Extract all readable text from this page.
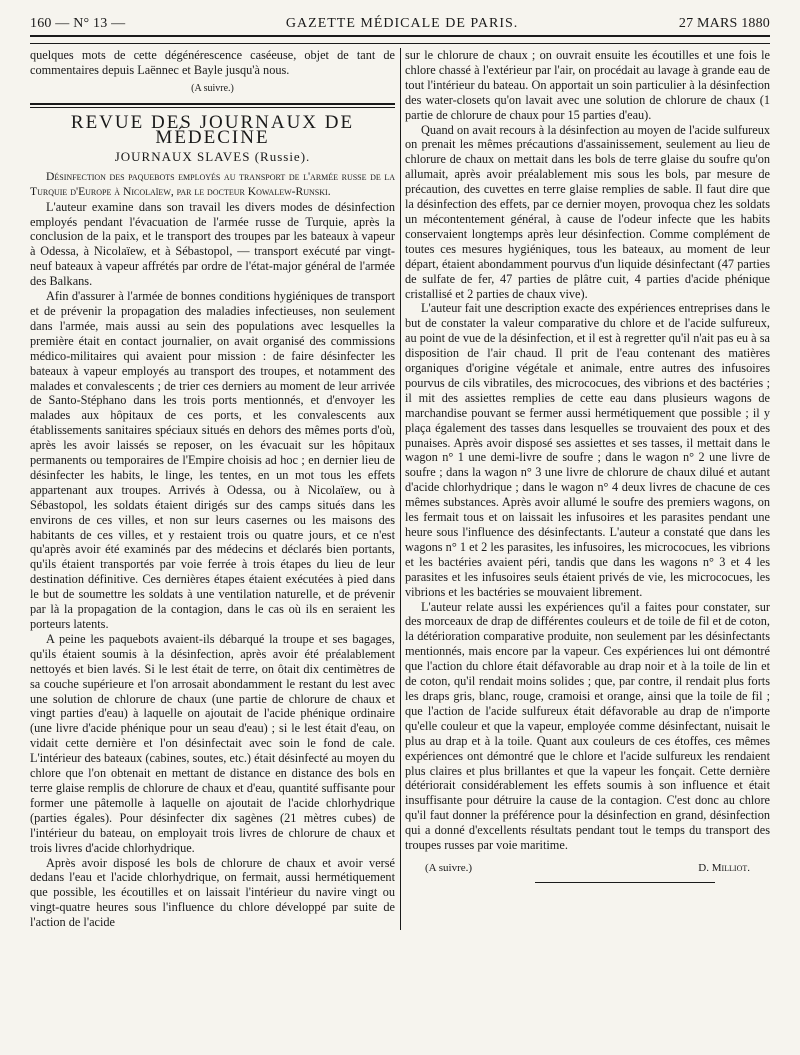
160 — N° 13 —	GAZETTE MÉDICALE DE PARIS.	27 MARS 1880

quelques mots de cette dégénérescence caséeuse, objet de tant de commentaires depuis Laënnec et Bayle jusqu'à nous.

(A suivre.)
REVUE DES JOURNAUX DE MÉDECINE
JOURNAUX SLAVES (Russie).

Désinfection des paquebots employés au transport de l'armée russe de la Turquie d'Europe à Nicolaïew, par le docteur Kowalew-Runski.

L'auteur examine dans son travail les divers modes de désinfection employés pendant l'évacuation de l'armée russe de Turquie, après la conclusion de la paix, et le transport des troupes par les bateaux à vapeur à Odessa, à Nicolaïew, et à Sébastopol, — transport exécuté par vingt-neuf bateaux à vapeur affrétés par ordre de l'état-major général de l'armée des Balkans.

Afin d'assurer à l'armée de bonnes conditions hygiéniques de transport et de prévenir la propagation des maladies infectieuses, non seulement dans l'armée, mais aussi au sein des populations avec lesquelles la première était en contact journalier, on avait organisé des commissions médico-militaires qui avaient pour mission : de faire désinfecter les bateaux à vapeur employés au transport des troupes, et notamment des malades et convalescents ; de trier ces derniers au moment de leur arrivée de Santo-Stéphano dans les trois ports mentionnés, et d'envoyer les malades aux hôpitaux de ces ports, et les convalescents aux établissements sanitaires spéciaux situés en dehors des mêmes ports d'où, après les avoir laissés se reposer, on les évacuait sur les hôpitaux permanents ou temporaires de l'Empire choisis ad hoc ; en dernier lieu de désinfecter les habits, le linge, les tentes, en un mot tous les effets appartenant aux troupes. Arrivés à Odessa, ou à Nicolaïew, ou à Sébastopol, les soldats étaient dirigés sur des camps situés dans les environs de ces villes, et non sur leurs casernes ou les maisons des habitants de ces villes, et y restaient trois ou quatre jours, et ce n'est qu'après avoir été examinés par des médecins et déclarés bien portants, qu'ils étaient transportés par voie ferrée à trois étapes du lieu de leur destination définitive. Ces dernières étapes étaient exécutées à pied dans le but de soumettre les soldats à une ventilation naturelle, et de prévenir par là la propagation de la contagion, dans le cas où ils en seraient les porteurs latents.

A peine les paquebots avaient-ils débarqué la troupe et ses bagages, qu'ils étaient soumis à la désinfection, après avoir été préalablement nettoyés et bien lavés. Si le lest était de terre, on ôtait dix centimètres de sa couche supérieure et l'on arrosait abondamment le restant du lest avec une solution de chlorure de chaux (une partie de chlorure de chaux et vingt parties d'eau) à laquelle on ajoutait de l'acide phénique ordinaire (une livre d'acide phénique pour un seau d'eau) ; si le lest était d'eau, on vidait cette dernière et l'on désinfectait avec soin le fond de cale. L'intérieur des bateaux (cabines, soutes, etc.) était désinfecté au moyen du chlore que l'on obtenait en mettant de distance en distance des bols en terre glaise remplis de chlorure de chaux et d'eau, quantité suffisante pour former une pâtemolle à laquelle on ajoutait de l'acide chlorhydrique (parties égales). Pour désinfecter dix sagènes (21 mètres cubes) de l'intérieur du bateau, on employait trois livres de chlorure de chaux et trois livres d'acide chlorhydrique.

Après avoir disposé les bols de chlorure de chaux et avoir versé dedans l'eau et l'acide chlorhydrique, on fermait, aussi hermétiquement que possible, les écoutilles et on laissait l'intérieur du navire vingt ou vingt-quatre heures sous l'influence du chlore développé par suite de l'action de l'acide

sur le chlorure de chaux ; on ouvrait ensuite les écoutilles et une fois le chlore chassé à l'extérieur par l'air, on procédait au lavage à grande eau de tout l'intérieur du bateau. On apportait un soin particulier à la désinfection des water-closets qu'on lavait avec une solution de chlorure de chaux (1 partie de chlorure de chaux pour 15 parties d'eau).

Quand on avait recours à la désinfection au moyen de l'acide sulfureux on prenait les mêmes précautions d'assainissement, seulement au lieu de chlorure de chaux on mettait dans les bols de terre glaise du soufre qu'on allumait, après avoir préalablement mis sous les bols, par mesure de précaution, des cuvettes en terre glaise remplies de sable. Il faut dire que la désinfection des effets, par ce dernier moyen, provoqua chez les soldats un mécontentement général, à cause de l'odeur infecte que les habits conservaient longtemps après leur désinfection. Comme complément de toutes ces mesures hygiéniques, tous les bateaux, au moment de leur départ, étaient abondamment pourvus d'un liquide désinfectant (47 parties de sulfate de fer, 47 parties de plâtre cuit, 4 parties d'acide phénique cristallisé et 2 parties de chaux vive).

L'auteur fait une description exacte des expériences entreprises dans le but de constater la valeur comparative du chlore et de l'acide sulfureux, au point de vue de la désinfection, et il est à regretter qu'il n'ait pas eu à sa disposition de l'air chaud. Il prit de l'eau contenant des matières organiques d'origine végétale et animale, entre autres des infusoires pourvus de cils vibratiles, des micrococues, des vibrions et des bactéries ; il mit des assiettes remplies de cette eau dans plusieurs wagons de marchandise pouvant se fermer aussi hermétiquement que possible ; il y plaça également des tasses dans lesquelles se trouvaient des poux et des punaises. Après avoir disposé ses assiettes et ses tasses, il mettait dans le wagon n° 1 une demi-livre de soufre ; dans le wagon n° 2 une livre de soufre ; dans la wagon n° 3 une livre de chlorure de chaux dilué et autant d'acide chlorhydrique ; dans le wagon n° 4 deux livres de chacune de ces mêmes substances. Après avoir allumé le soufre des premiers wagons, on les fermait tous et on laissait les infusoires et les parasites pendant une heure sous l'influence des désinfectants. L'auteur a constaté que dans les wagons n° 1 et 2 les parasites, les infusoires, les micrococues, les vibrions et les bactéries avaient péri, tandis que dans les wagons n° 3 et 4 les parasites et les infusoires seuls étaient privés de vie, les micrococues, les vibrions et les bactéries se mouvaient librement.

L'auteur relate aussi les expériences qu'il a faites pour constater, sur des morceaux de drap de différentes couleurs et de toile de fil et de coton, la détérioration comparative produite, non seulement par les désinfectants mentionnés, mais encore par la vapeur. Ces expériences lui ont démontré que l'action du chlore était défavorable au drap noir et à la toile de lin et de coton, qu'il rendait moins solides ; que, par contre, il rendait plus forts les draps gris, blanc, rouge, cramoisi et orange, ainsi que la toile de fil ; que l'action de l'acide sulfureux était défavorable au drap de n'importe qu'elle couleur et que la vapeur, employée comme désinfectant, nuisait le plus au drap et à la toile. Quant aux couleurs de ces étoffes, ces mêmes expériences ont démontré que le chlore et l'acide sulfureux les rendaient plus claires et plus brillantes et que la vapeur les fonçait. Cette dernière détériorait considérablement les effets soumis à son influence et était insuffisante pour détruire la cause de la contagion. C'est donc au chlore qu'il faut donner la préférence pour la désinfection en grand, désinfection qui a donné d'excellents résultats pendant tout le temps du transport des troupes russes par voie maritime.

(A suivre.)	D. Milliot.
